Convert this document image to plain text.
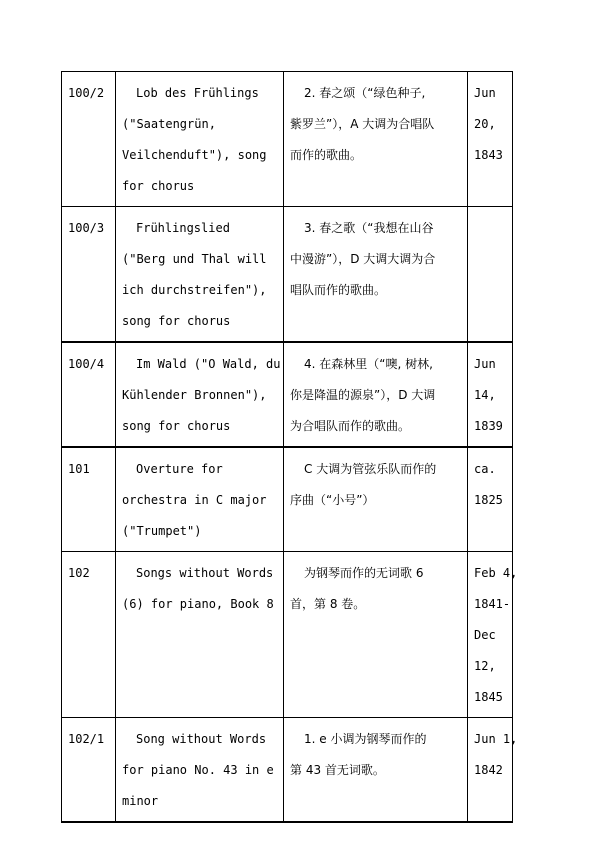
100/2	Lob des Frühlings
("Saatengrün,
Veilchenduft"), song
for chorus	2. 春之颂（“绿色种子,
紫罗兰”），A 大调为合唱队
而作的歌曲。	Jun
20,
1843

100/3	Frühlingslied
("Berg und Thal will
ich durchstreifen"),
song for chorus	3. 春之歌（“我想在山谷
中漫游”），D 大调大调为合
唱队而作的歌曲。	

100/4	Im Wald ("O Wald, du
Kühlender Bronnen"),
song for chorus	4. 在森林里（“噢, 树林,
你是降温的源泉”），D 大调
为合唱队而作的歌曲。	Jun
14,
1839

101	Overture for
orchestra in C major
("Trumpet")	C 大调为管弦乐队而作的
序曲（“小号”）	ca.
1825

102	Songs without Words
(6) for piano, Book 8	为钢琴而作的无词歌 6
首，第 8 卷。	Feb 4,
1841-
Dec
12,
1845

102/1	Song without Words
for piano No. 43 in e
minor	1. e 小调为钢琴而作的
第 43 首无词歌。	Jun 1,
1842
